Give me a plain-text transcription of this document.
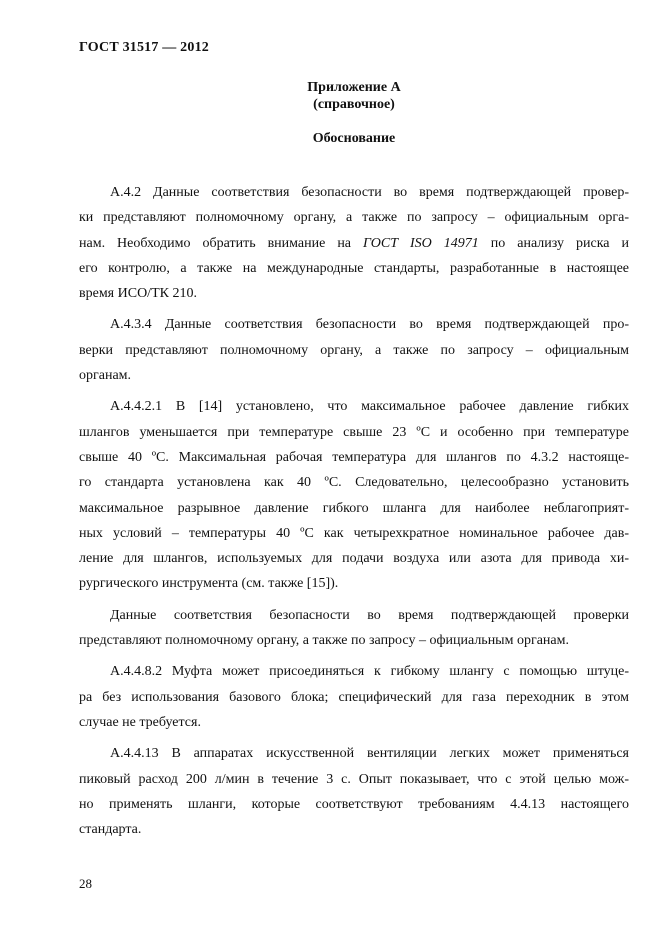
ГОСТ 31517 — 2012
Приложение А
(справочное)
Обоснование
А.4.2 Данные соответствия безопасности во время подтверждающей провер-
ки представляют полномочному органу, а также по запросу – официальным орга-
нам. Необходимо обратить внимание на ГОСТ ISO 14971 по анализу риска и
его контролю, а также на международные стандарты, разработанные в настоящее
время ИСО/ТК 210.
А.4.3.4 Данные соответствия безопасности во время подтверждающей про-
верки представляют полномочному органу, а также по запросу – официальным
органам.
А.4.4.2.1 В [14] установлено, что максимальное рабочее давление гибких
шлангов уменьшается при температуре свыше 23 ºС и особенно при температуре
свыше 40 ºС. Максимальная рабочая температура для шлангов по 4.3.2 настояще-
го стандарта установлена как 40 ºС. Следовательно, целесообразно установить
максимальное разрывное давление гибкого шланга для наиболее неблагоприят-
ных условий – температуры 40 ºС как четырехкратное номинальное рабочее дав-
ление для шлангов, используемых для подачи воздуха или азота для привода хи-
рургического инструмента (см. также [15]).
Данные соответствия безопасности во время подтверждающей проверки
представляют полномочному органу, а также по запросу – официальным органам.
А.4.4.8.2 Муфта может присоединяться к гибкому шлангу с помощью штуце-
ра без использования базового блока; специфический для газа переходник в этом
случае не требуется.
А.4.4.13 В аппаратах искусственной вентиляции легких может применяться
пиковый расход 200 л/мин в течение 3 с. Опыт показывает, что с этой целью мож-
но применять шланги, которые соответствуют требованиям 4.4.13 настоящего
стандарта.
28
